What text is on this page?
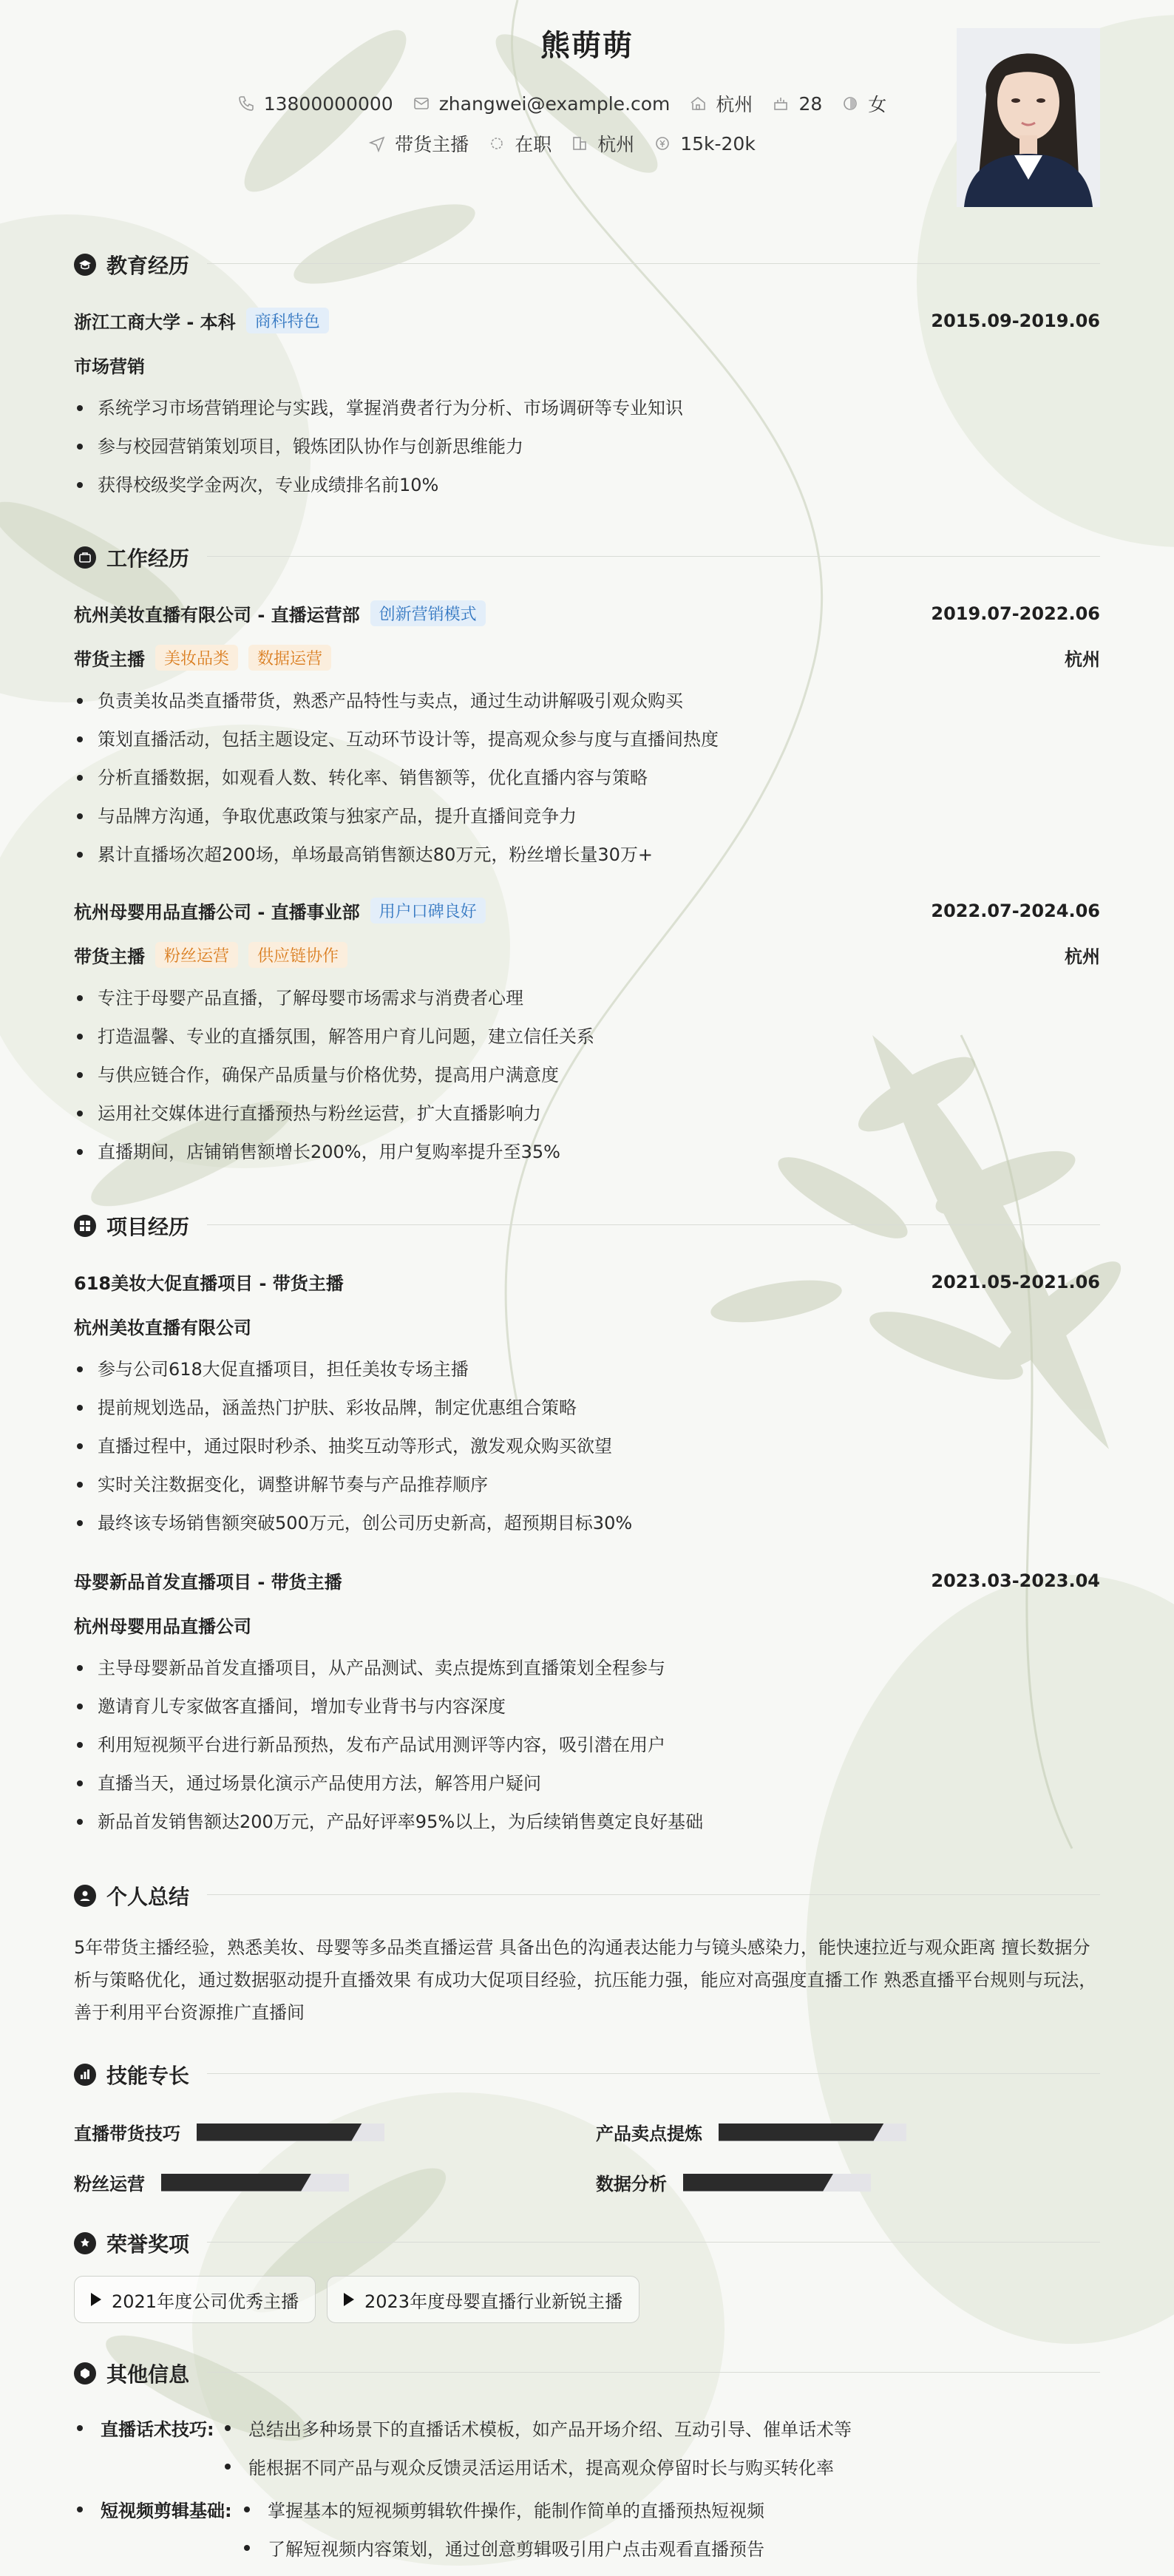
熊萌萌
13800000000 zhangwei@example.com 杭州 28 女
带货主播 在职 杭州 15k-20k
教育经历
浙江工商大学 - 本科	商科特色	2015.09-2019.06
市场营销
系统学习市场营销理论与实践，掌握消费者行为分析、市场调研等专业知识
参与校园营销策划项目，锻炼团队协作与创新思维能力
获得校级奖学金两次，专业成绩排名前10%
工作经历
杭州美妆直播有限公司 - 直播运营部	创新营销模式	2019.07-2022.06
带货主播	美妆品类	数据运营	杭州
负责美妆品类直播带货，熟悉产品特性与卖点，通过生动讲解吸引观众购买
策划直播活动，包括主题设定、互动环节设计等，提高观众参与度与直播间热度
分析直播数据，如观看人数、转化率、销售额等，优化直播内容与策略
与品牌方沟通，争取优惠政策与独家产品，提升直播间竞争力
累计直播场次超200场，单场最高销售额达80万元，粉丝增长量30万+
杭州母婴用品直播公司 - 直播事业部	用户口碑良好	2022.07-2024.06
带货主播	粉丝运营	供应链协作	杭州
专注于母婴产品直播，了解母婴市场需求与消费者心理
打造温馨、专业的直播氛围，解答用户育儿问题，建立信任关系
与供应链合作，确保产品质量与价格优势，提高用户满意度
运用社交媒体进行直播预热与粉丝运营，扩大直播影响力
直播期间，店铺销售额增长200%，用户复购率提升至35%
项目经历
618美妆大促直播项目 - 带货主播	2021.05-2021.06
杭州美妆直播有限公司
参与公司618大促直播项目，担任美妆专场主播
提前规划选品，涵盖热门护肤、彩妆品牌，制定优惠组合策略
直播过程中，通过限时秒杀、抽奖互动等形式，激发观众购买欲望
实时关注数据变化，调整讲解节奏与产品推荐顺序
最终该专场销售额突破500万元，创公司历史新高，超预期目标30%
母婴新品首发直播项目 - 带货主播	2023.03-2023.04
杭州母婴用品直播公司
主导母婴新品首发直播项目，从产品测试、卖点提炼到直播策划全程参与
邀请育儿专家做客直播间，增加专业背书与内容深度
利用短视频平台进行新品预热，发布产品试用测评等内容，吸引潜在用户
直播当天，通过场景化演示产品使用方法，解答用户疑问
新品首发销售额达200万元，产品好评率95%以上，为后续销售奠定良好基础
个人总结
5年带货主播经验，熟悉美妆、母婴等多品类直播运营 具备出色的沟通表达能力与镜头感染力，能快速拉近与观众距离 擅长数据分析与策略优化，通过数据驱动提升直播效果 有成功大促项目经验，抗压能力强，能应对高强度直播工作 熟悉直播平台规则与玩法，善于利用平台资源推广直播间
技能专长
直播带货技巧	产品卖点提炼
粉丝运营	数据分析
荣誉奖项
2021年度公司优秀主播	2023年度母婴直播行业新锐主播
其他信息
直播话术技巧:	总结出多种场景下的直播话术模板，如产品开场介绍、互动引导、催单话术等
能根据不同产品与观众反馈灵活运用话术，提高观众停留时长与购买转化率
短视频剪辑基础:	掌握基本的短视频剪辑软件操作，能制作简单的直播预热短视频
了解短视频内容策划，通过创意剪辑吸引用户点击观看直播预告
